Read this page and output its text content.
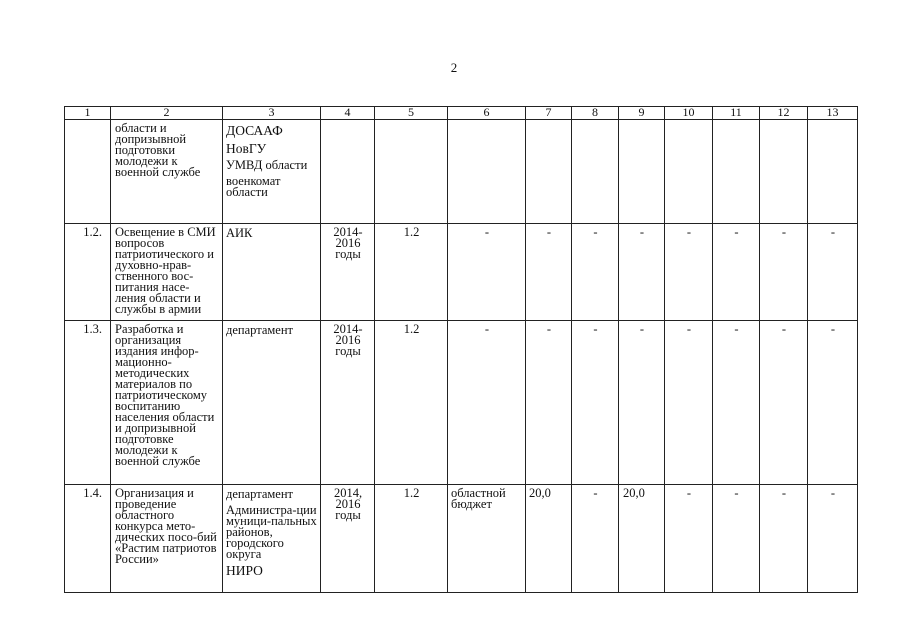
2
1	2	3	4	5	6	7	8	9	10	11	12	13
	области и допризывной подготовки молодежи к военной службе	ДОСААФ
НовГУ
УМВД области
военкомат области										

1.2.	Освещение в СМИ вопросов патриотического и духовно-нрав-ственного вос-питания насе-ления области и службы в армии	АИК	2014-2016 годы	1.2	-	-	-	-	-	-	-	-
1.3.	Разработка и организация издания инфор-мационно-методических материалов по патриотическому воспитанию населения области и допризывной подготовке молодежи к военной службе	департамент	2014-2016 годы	1.2	-	-	-	-	-	-	-	-
1.4.	Организация и проведение областного конкурса мето-дических посо-бий «Растим патриотов России»	департамент
Администра-ции муници-пальных районов, городского округа
НИРО	2014, 2016 годы	1.2	областной бюджет	20,0	-	20,0	-	-	-	-
